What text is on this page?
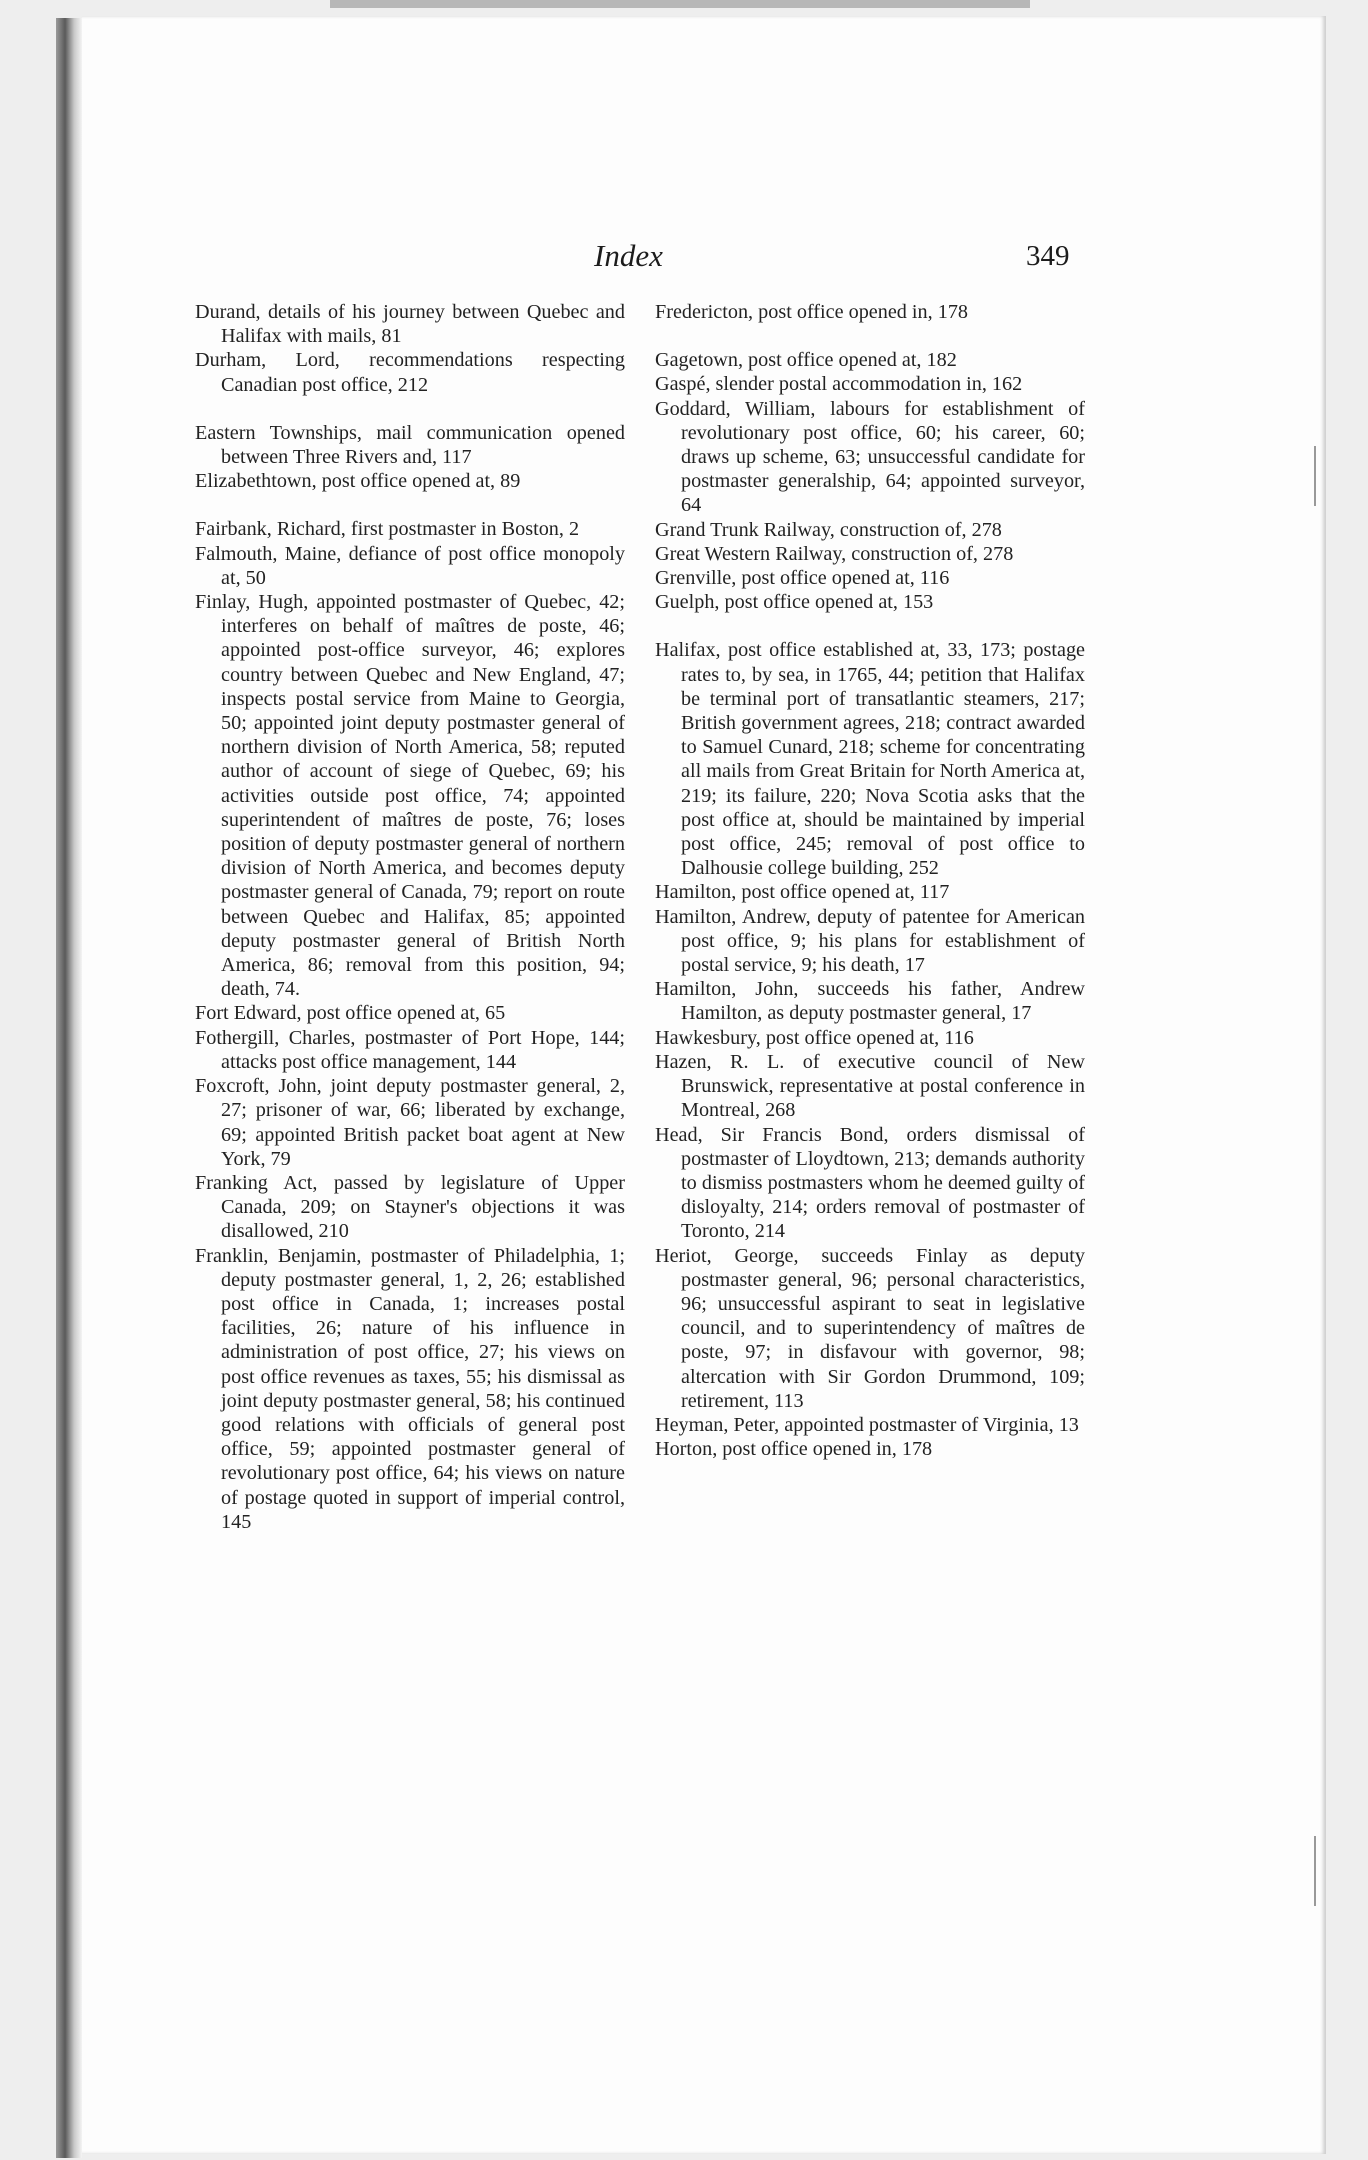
Index	349

Durand, details of his journey between Quebec and Halifax with mails, 81

Durham, Lord, recommendations respecting Canadian post office, 212

Eastern Townships, mail communication opened between Three Rivers and, 117

Elizabethtown, post office opened at, 89

Fairbank, Richard, first postmaster in Boston, 2

Falmouth, Maine, defiance of post office monopoly at, 50

Finlay, Hugh, appointed postmaster of Quebec, 42; interferes on behalf of maîtres de poste, 46; appointed post-office surveyor, 46; explores country between Quebec and New England, 47; inspects postal service from Maine to Georgia, 50; appointed joint deputy postmaster general of northern division of North America, 58; reputed author of account of siege of Quebec, 69; his activities outside post office, 74; appointed superintendent of maîtres de poste, 76; loses position of deputy postmaster general of northern division of North America, and becomes deputy postmaster general of Canada, 79; report on route between Quebec and Halifax, 85; appointed deputy postmaster general of British North America, 86; removal from this position, 94; death, 74.

Fort Edward, post office opened at, 65

Fothergill, Charles, postmaster of Port Hope, 144; attacks post office management, 144

Foxcroft, John, joint deputy postmaster general, 2, 27; prisoner of war, 66; liberated by exchange, 69; appointed British packet boat agent at New York, 79

Franking Act, passed by legislature of Upper Canada, 209; on Stayner's objections it was disallowed, 210

Franklin, Benjamin, postmaster of Philadelphia, 1; deputy postmaster general, 1, 2, 26; established post office in Canada, 1; increases postal facilities, 26; nature of his influence in administration of post office, 27; his views on post office revenues as taxes, 55; his dismissal as joint deputy postmaster general, 58; his continued good relations with officials of general post office, 59; appointed postmaster general of revolutionary post office, 64; his views on nature of postage quoted in support of imperial control, 145

Fredericton, post office opened in, 178

Gagetown, post office opened at, 182

Gaspé, slender postal accommodation in, 162

Goddard, William, labours for establishment of revolutionary post office, 60; his career, 60; draws up scheme, 63; unsuccessful candidate for postmaster generalship, 64; appointed surveyor, 64

Grand Trunk Railway, construction of, 278

Great Western Railway, construction of, 278

Grenville, post office opened at, 116

Guelph, post office opened at, 153

Halifax, post office established at, 33, 173; postage rates to, by sea, in 1765, 44; petition that Halifax be terminal port of transatlantic steamers, 217; British government agrees, 218; contract awarded to Samuel Cunard, 218; scheme for concentrating all mails from Great Britain for North America at, 219; its failure, 220; Nova Scotia asks that the post office at, should be maintained by imperial post office, 245; removal of post office to Dalhousie college building, 252

Hamilton, post office opened at, 117

Hamilton, Andrew, deputy of patentee for American post office, 9; his plans for establishment of postal service, 9; his death, 17

Hamilton, John, succeeds his father, Andrew Hamilton, as deputy postmaster general, 17

Hawkesbury, post office opened at, 116

Hazen, R. L. of executive council of New Brunswick, representative at postal conference in Montreal, 268

Head, Sir Francis Bond, orders dismissal of postmaster of Lloydtown, 213; demands authority to dismiss postmasters whom he deemed guilty of disloyalty, 214; orders removal of postmaster of Toronto, 214

Heriot, George, succeeds Finlay as deputy postmaster general, 96; personal characteristics, 96; unsuccessful aspirant to seat in legislative council, and to superintendency of maîtres de poste, 97; in disfavour with governor, 98; altercation with Sir Gordon Drummond, 109; retirement, 113

Heyman, Peter, appointed postmaster of Virginia, 13

Horton, post office opened in, 178
